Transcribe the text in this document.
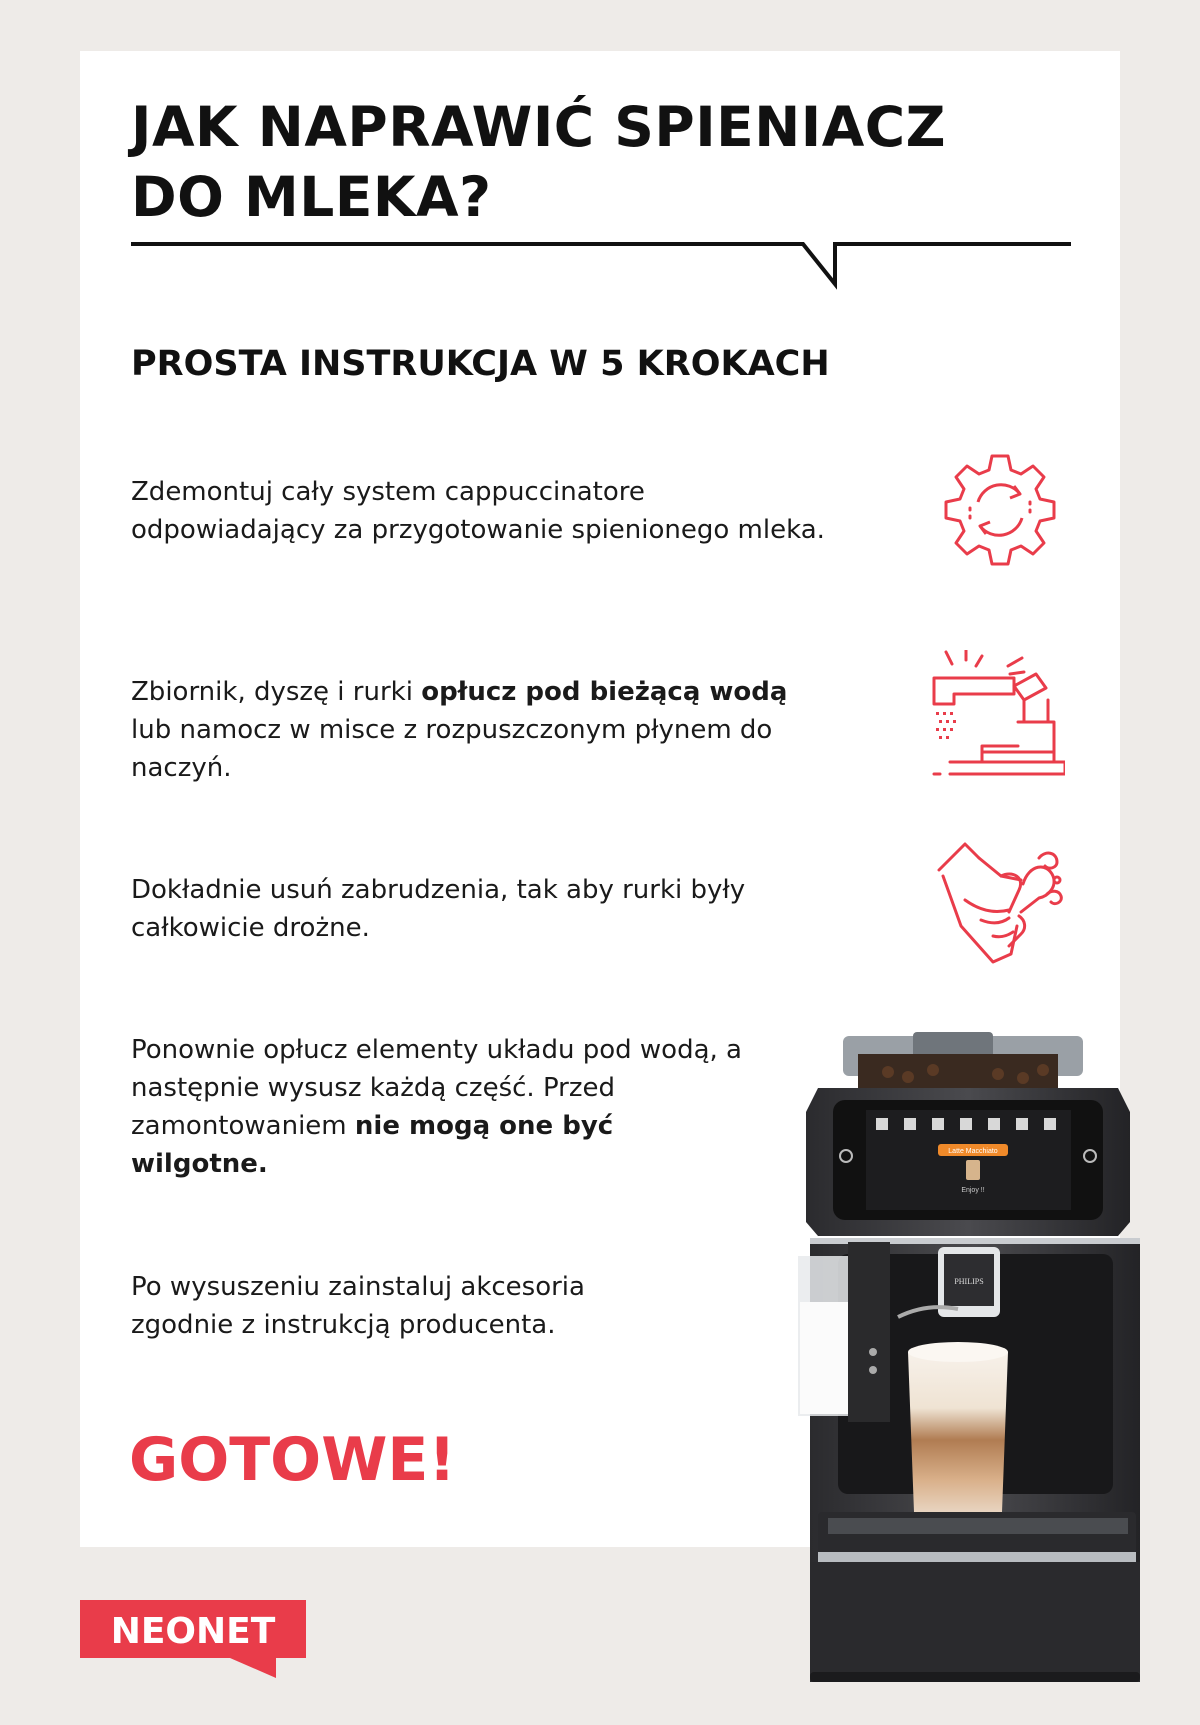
JAK NAPRAWIĆ SPIENIACZ
DO MLEKA?
PROSTA INSTRUKCJA W 5 KROKACH

Zdemontuj cały system cappuccinatore odpowiadający za przygotowanie spienionego mleka.

Zbiornik, dyszę i rurki opłucz pod bieżącą wodą lub namocz w misce z rozpuszczonym płynem do naczyń.

Dokładnie usuń zabrudzenia, tak aby rurki były całkowicie drożne.

Ponownie opłucz elementy układu pod wodą, a następnie wysusz każdą część. Przed zamontowaniem nie mogą one być wilgotne.

Po wysuszeniu zainstaluj akcesoria zgodnie z instrukcją producenta.

GOTOWE!
Latte Macchiato
Enjoy !!
PHILIPS
NEONET
